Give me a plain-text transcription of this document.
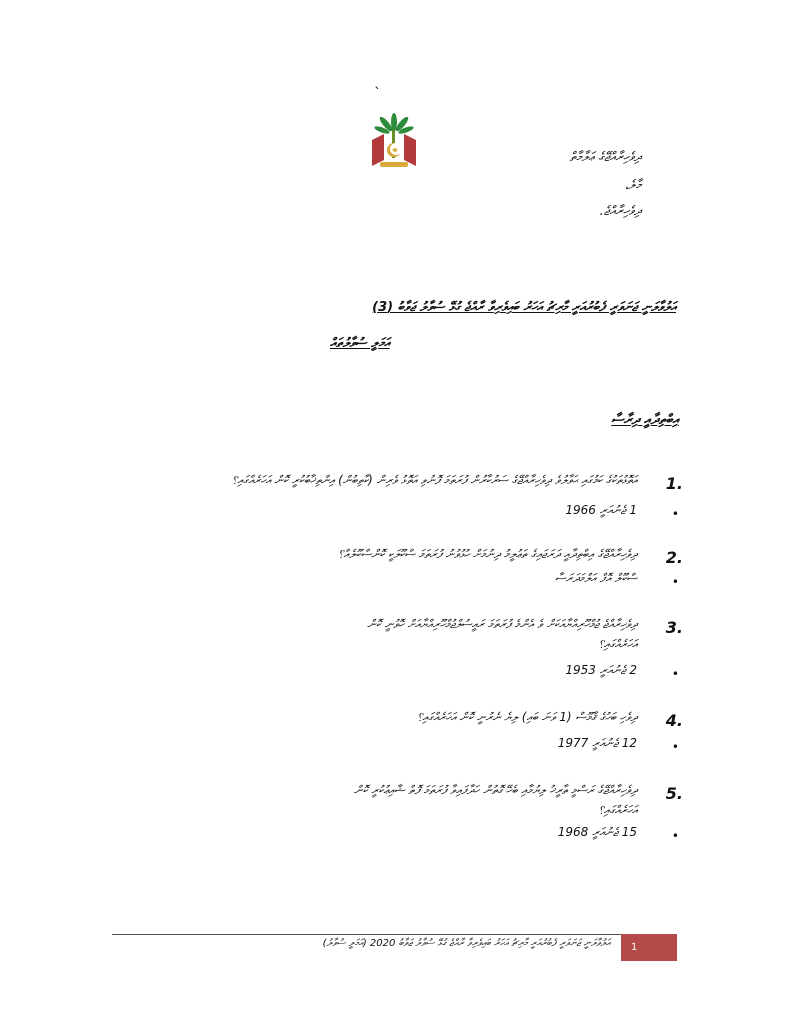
`
ދިވެހިރާއްޖޭގެ ޢަލާމާތް
މާލެ،
ދިވެހިރާއްޖެ.
އަލުވާލަނީ ޖަނަވަރީ ފެބުރުއަރީ މާރިޗު އަހަރު ބައިވެރިވާ ރާއްޖެ ގުޅޭ ސުވާލު ޖަވާބު (3)
އަމަލީ ސުވާލުތައް
އިބްތިދާއީ ދިރާސާ
1.
އަތޮޅުތަކުގެ ކަމުގައި ޙަވާލުވެ ދިވެހިރާއްޖޭގެ ސަރުކާރުން ފުރަތަމަ ފޮނުވި އަތޮޅު ވެރިން (ކާތިބުން) އިންތިޚާބުކުރީ ކޮން އަހަރެއްގައި؟
•
1 ޖެނުއަރީ 1966
2.
ދިވެހިރާއްޖޭގެ އިބްތިދާއީ ދަރަޖައިގެ ތަޢުލީމު ދިނުމަށް ހުޅުވުނު ފުރަތަމަ ސްކޫލަކީ ކޮންސްކޫލެއް؟
•
ސްކޫލް އޮފް އަލްމަދަރަސާ
3.
ދިވެހިރާއްޖެ ޖުމްހޫރިއްޔާއަކަށް ވެ އެންމެ ފުރަތަމަ ރައީސުލްޖުމްހޫރިއްޔާއަށް ހޮވުނީ ކޮން
އަހަރެއްގައި؟
•
2 ޖެނުއަރީ 1953
4.
ދިވެހި ބަހުގެ ޤާމޫސް (1 ވަނަ ބައި) ލިޔެ ނެރުނީ ކޮން އަހަރެއްގައި؟
•
12 ޖެނުއަރީ 1977
5.
ދިވެހިރާއްޖޭގެ ރަސްމީ ތާރީޚު ލިޔުމާއި ބެހޭ ގޮތުން ހަދާފައިވާ ފުރަތަމަ ފޮތް ޝާއިޢުކުރީ ކޮން
އަހަރެއްގައި؟
•
15 ޖެނުއަރީ 1968
އަލުވާލަނީ ޖަނަވަރީ ފެބުރުއަރީ މާރިޗު އަހަރު ބައިވެރިވާ ރާއްޖެ ގުޅޭ ސުވާލު ޖަވާބު 2020 (އަމަލީ ސުވާލު) 1
